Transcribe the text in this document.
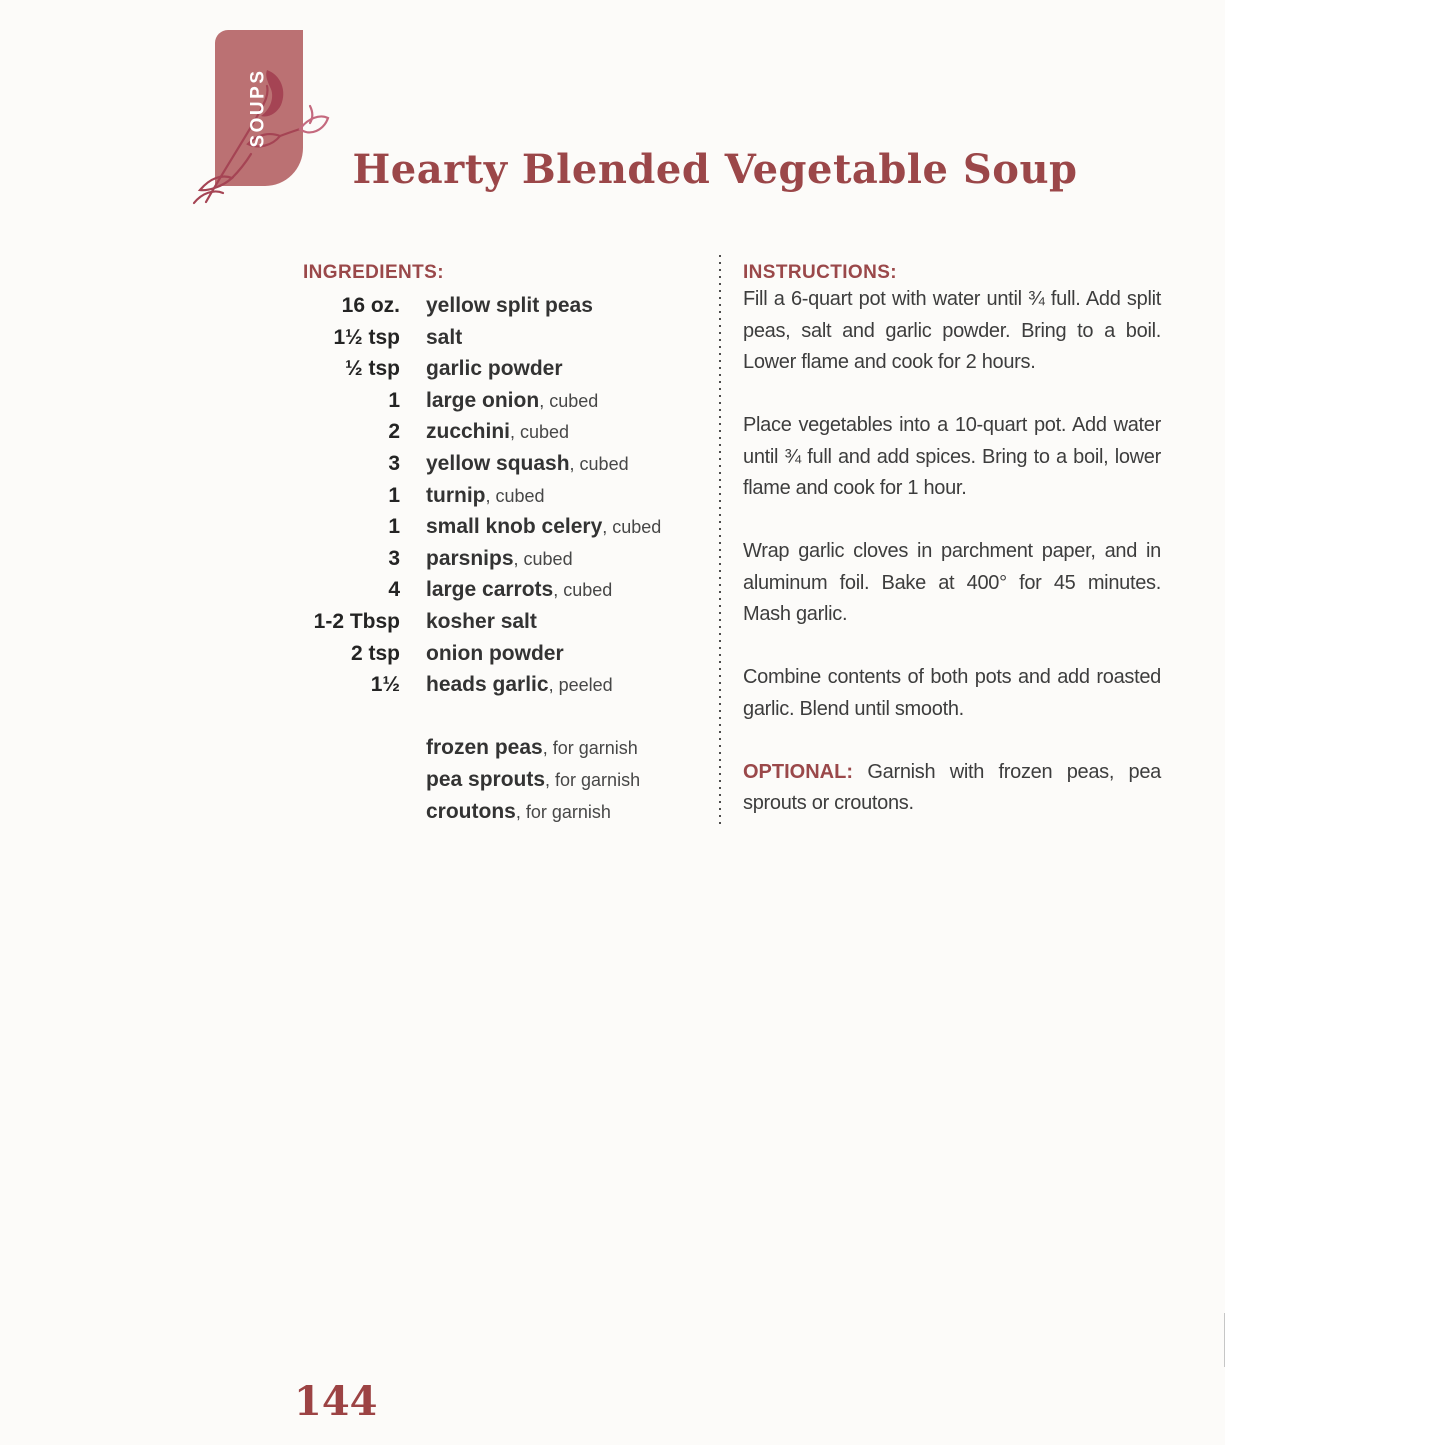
SOUPS
Hearty Blended Vegetable Soup
INGREDIENTS:
16 oz. yellow split peas
1½ tsp salt
½ tsp garlic powder
1 large onion, cubed
2 zucchini, cubed
3 yellow squash, cubed
1 turnip, cubed
1 small knob celery, cubed
3 parsnips, cubed
4 large carrots, cubed
1-2 Tbsp kosher salt
2 tsp onion powder
1½ heads garlic, peeled
frozen peas, for garnish
pea sprouts, for garnish
croutons, for garnish
INSTRUCTIONS:

Fill a 6-quart pot with water until ¾ full. Add split peas, salt and garlic powder. Bring to a boil. Lower flame and cook for 2 hours.

Place vegetables into a 10-quart pot. Add water until ¾ full and add spices. Bring to a boil, lower flame and cook for 1 hour.

Wrap garlic cloves in parchment paper, and in aluminum foil. Bake at 400° for 45 minutes. Mash garlic.

Combine contents of both pots and add roasted garlic. Blend until smooth.

OPTIONAL: Garnish with frozen peas, pea sprouts or croutons.

144
